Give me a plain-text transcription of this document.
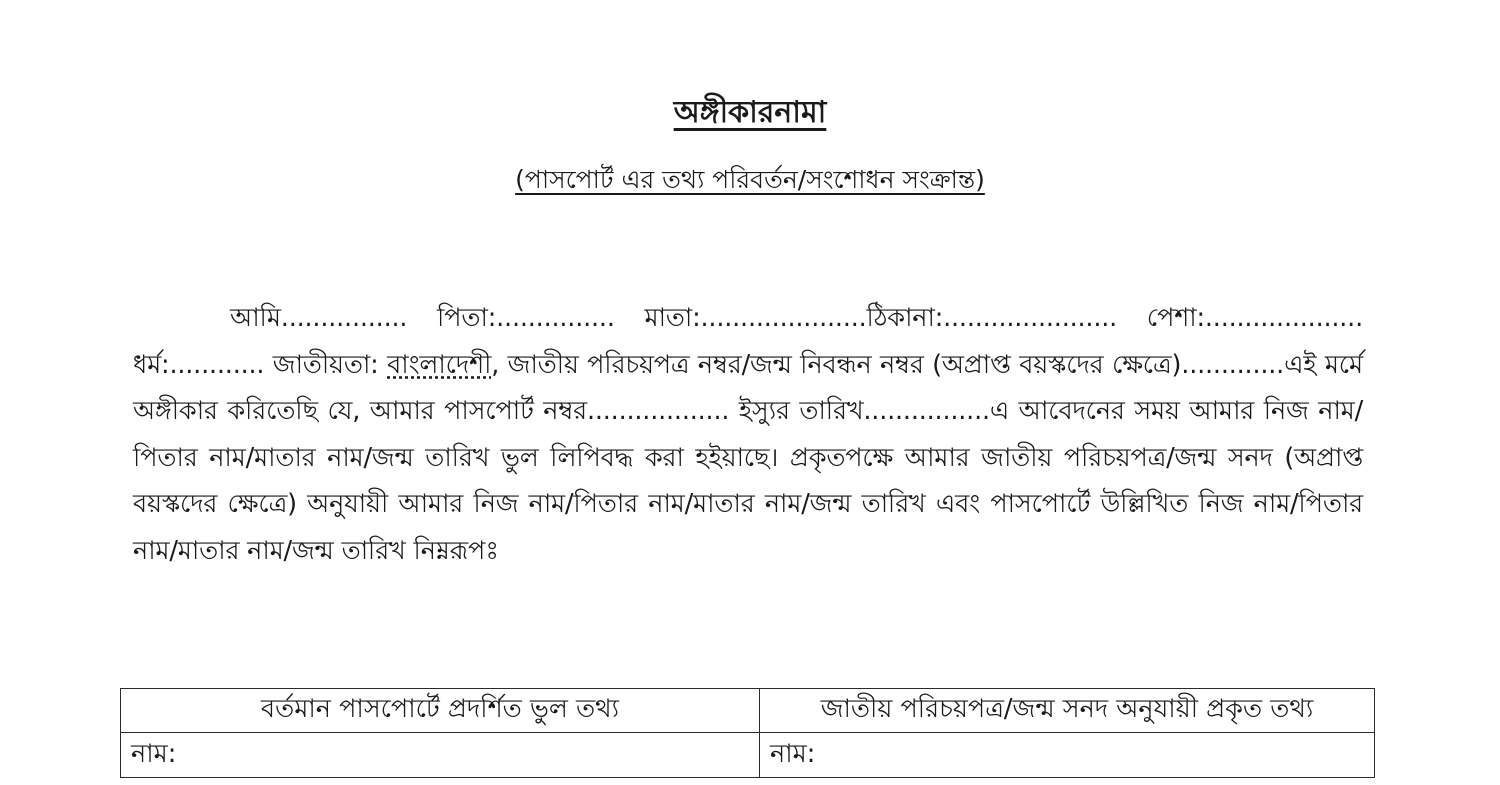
অঙ্গীকারনামা
(পাসপোর্ট এর তথ্য পরিবর্তন/সংশোধন সংক্রান্ত)

আমি................ পিতা:............... মাতা:.....................ঠিকানা:...................... পেশা:.................... ধর্ম:............ জাতীয়তা: বাংলাদেশী, জাতীয় পরিচয়পত্র নম্বর/জন্ম নিবন্ধন নম্বর (অপ্রাপ্ত বয়স্কদের ক্ষেত্রে).............এই মর্মে অঙ্গীকার করিতেছি যে, আমার পাসপোর্ট নম্বর.................. ইস্যুর তারিখ................এ আবেদনের সময় আমার নিজ নাম/পিতার নাম/মাতার নাম/জন্ম তারিখ ভুল লিপিবদ্ধ করা হইয়াছে। প্রকৃতপক্ষে আমার জাতীয় পরিচয়পত্র/জন্ম সনদ (অপ্রাপ্ত বয়স্কদের ক্ষেত্রে) অনুযায়ী আমার নিজ নাম/পিতার নাম/মাতার নাম/জন্ম তারিখ এবং পাসপোর্টে উল্লিখিত নিজ নাম/পিতার নাম/মাতার নাম/জন্ম তারিখ নিম্নরূপঃ

বর্তমান পাসপোর্টে প্রদর্শিত ভুল তথ্য	জাতীয় পরিচয়পত্র/জন্ম সনদ অনুযায়ী প্রকৃত তথ্য
নাম:	নাম:
